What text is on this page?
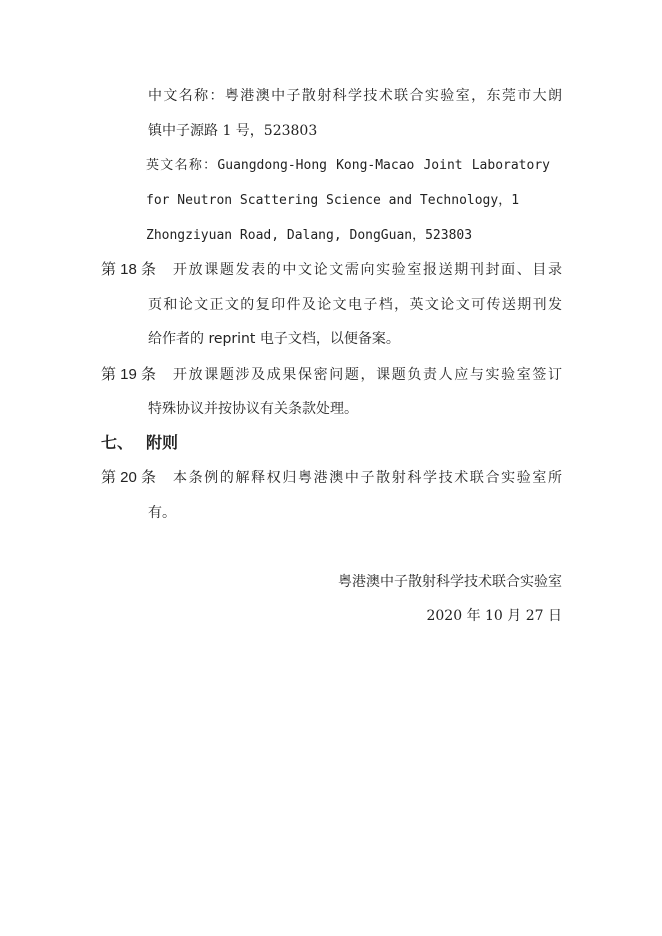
中文名称：粤港澳中子散射科学技术联合实验室，东莞市大朗
镇中子源路 1 号，523803
英文名称：Guangdong-Hong Kong-Macao Joint Laboratory
for Neutron Scattering Science and Technology，1
Zhongziyuan Road, Dalang, DongGuan，523803
第 18 条 开放课题发表的中文论文需向实验室报送期刊封面、目录
页和论文正文的复印件及论文电子档，英文论文可传送期刊发
给作者的 reprint 电子文档，以便备案。
第 19 条 开放课题涉及成果保密问题，课题负责人应与实验室签订
特殊协议并按协议有关条款处理。
七、 附则
第 20 条 本条例的解释权归粤港澳中子散射科学技术联合实验室所
有。
粤港澳中子散射科学技术联合实验室
2020 年 10 月 27 日
